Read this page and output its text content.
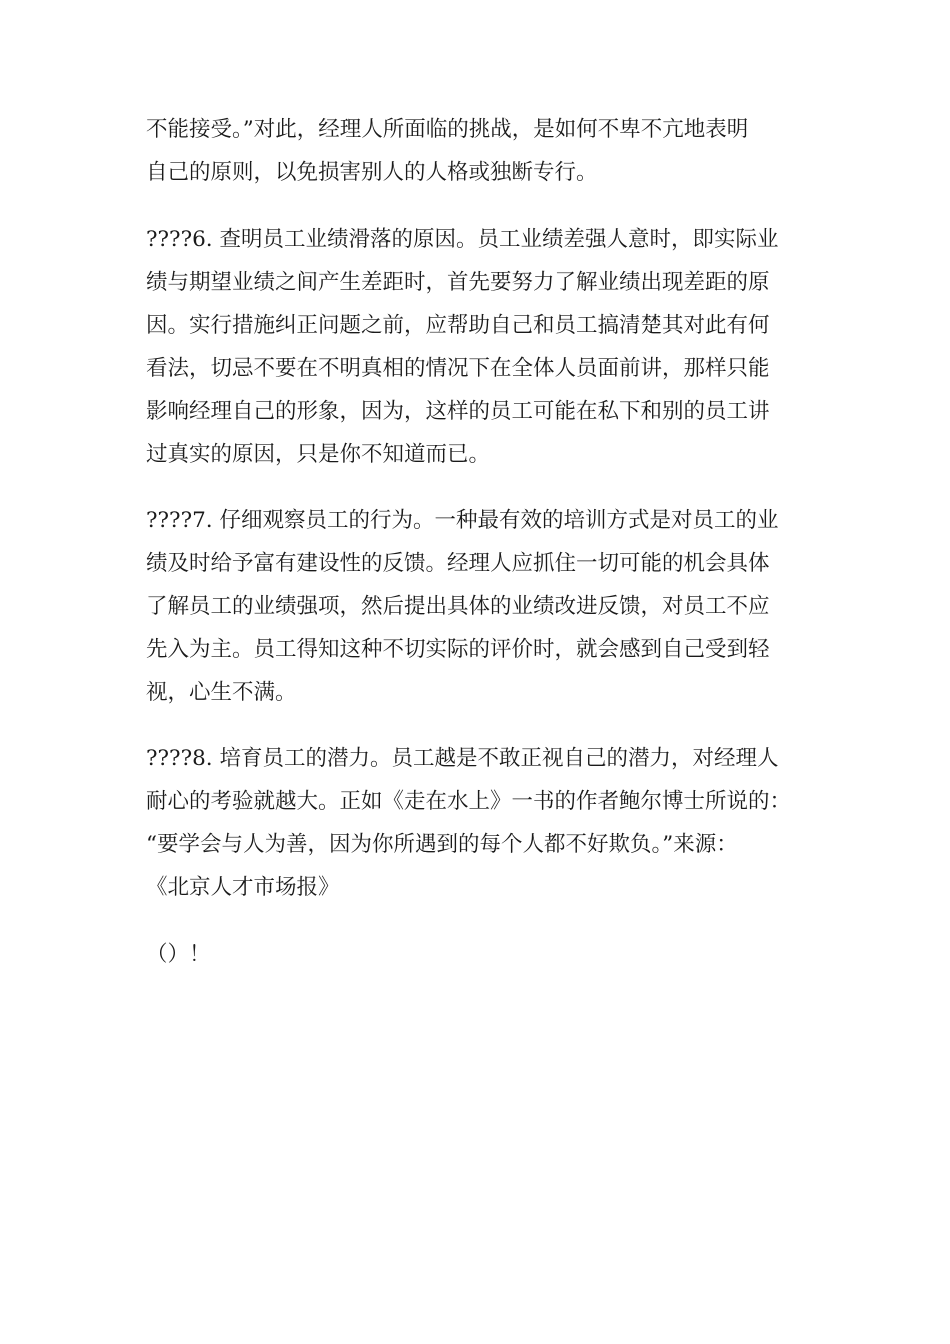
不能接受。”对此，经理人所面临的挑战，是如何不卑不亢地表明
自己的原则，以免损害别人的人格或独断专行。
????6. 查明员工业绩滑落的原因。员工业绩差强人意时，即实际业
绩与期望业绩之间产生差距时，首先要努力了解业绩出现差距的原
因。实行措施纠正问题之前，应帮助自己和员工搞清楚其对此有何
看法，切忌不要在不明真相的情况下在全体人员面前讲，那样只能
影响经理自己的形象，因为，这样的员工可能在私下和别的员工讲
过真实的原因，只是你不知道而已。
????7. 仔细观察员工的行为。一种最有效的培训方式是对员工的业
绩及时给予富有建设性的反馈。经理人应抓住一切可能的机会具体
了解员工的业绩强项，然后提出具体的业绩改进反馈，对员工不应
先入为主。员工得知这种不切实际的评价时，就会感到自己受到轻
视，心生不满。
????8. 培育员工的潜力。员工越是不敢正视自己的潜力，对经理人
耐心的考验就越大。正如《走在水上》一书的作者鲍尔博士所说的：
“要学会与人为善，因为你所遇到的每个人都不好欺负。”来源：
《北京人才市场报》
（）！
